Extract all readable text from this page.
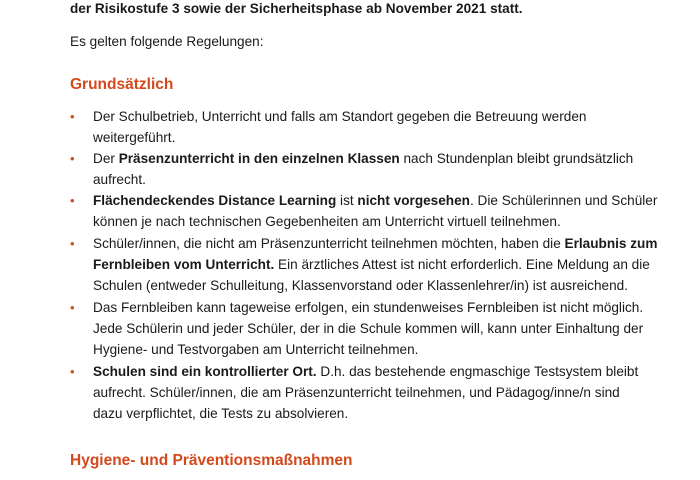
der Risikostufe 3 sowie der Sicherheitsphase ab November 2021 statt.
Es gelten folgende Regelungen:
Grundsätzlich
• Der Schulbetrieb, Unterricht und falls am Standort gegeben die Betreuung werden
weitergeführt.
• Der Präsenzunterricht in den einzelnen Klassen nach Stundenplan bleibt grundsätzlich
aufrecht.
• Flächendeckendes Distance Learning ist nicht vorgesehen. Die Schülerinnen und Schüler
können je nach technischen Gegebenheiten am Unterricht virtuell teilnehmen.
• Schüler/innen, die nicht am Präsenzunterricht teilnehmen möchten, haben die Erlaubnis zum
Fernbleiben vom Unterricht. Ein ärztliches Attest ist nicht erforderlich. Eine Meldung an die
Schulen (entweder Schulleitung, Klassenvorstand oder Klassenlehrer/in) ist ausreichend.
• Das Fernbleiben kann tageweise erfolgen, ein stundenweises Fernbleiben ist nicht möglich.
Jede Schülerin und jeder Schüler, der in die Schule kommen will, kann unter Einhaltung der
Hygiene- und Testvorgaben am Unterricht teilnehmen.
• Schulen sind ein kontrollierter Ort. D.h. das bestehende engmaschige Testsystem bleibt
aufrecht. Schüler/innen, die am Präsenzunterricht teilnehmen, und Pädagog/inne/n sind
dazu verpflichtet, die Tests zu absolvieren.
Hygiene- und Präventionsmaßnahmen
